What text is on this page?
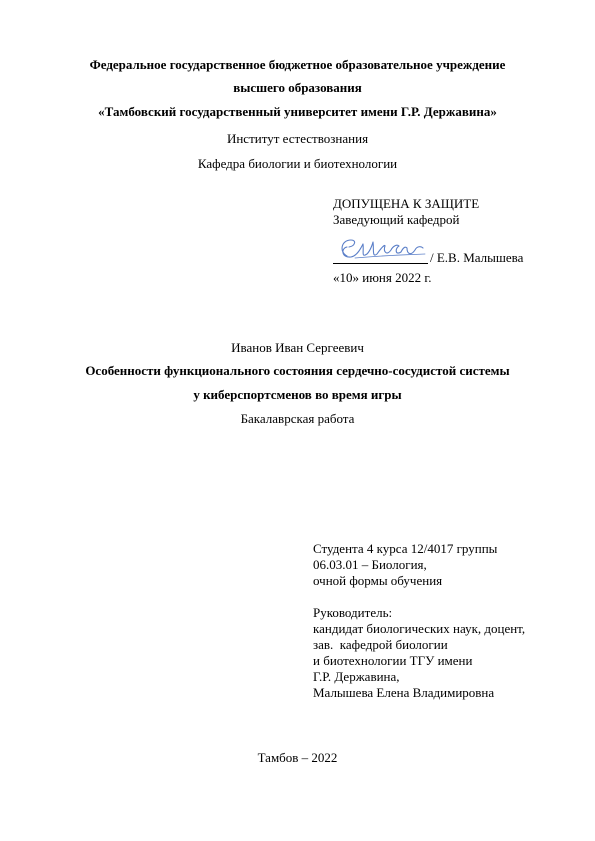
Федеральное государственное бюджетное образовательное учреждение
высшего образования
«Тамбовский государственный университет имени Г.Р. Державина»
Институт естествознания
Кафедра биологии и биотехнологии
ДОПУЩЕНА К ЗАЩИТЕ
Заведующий кафедрой
/ Е.В. Малышева
«10» июня 2022 г.
Иванов Иван Сергеевич
Особенности функционального состояния сердечно-сосудистой системы
у киберспортсменов во время игры
Бакалаврская работа
Студента 4 курса 12/4017 группы
06.03.01 – Биология,
очной формы обучения
Руководитель:
кандидат биологических наук, доцент,
зав.  кафедрой биологии
и биотехнологии ТГУ имени
Г.Р. Державина,
Малышева Елена Владимировна
Тамбов – 2022
